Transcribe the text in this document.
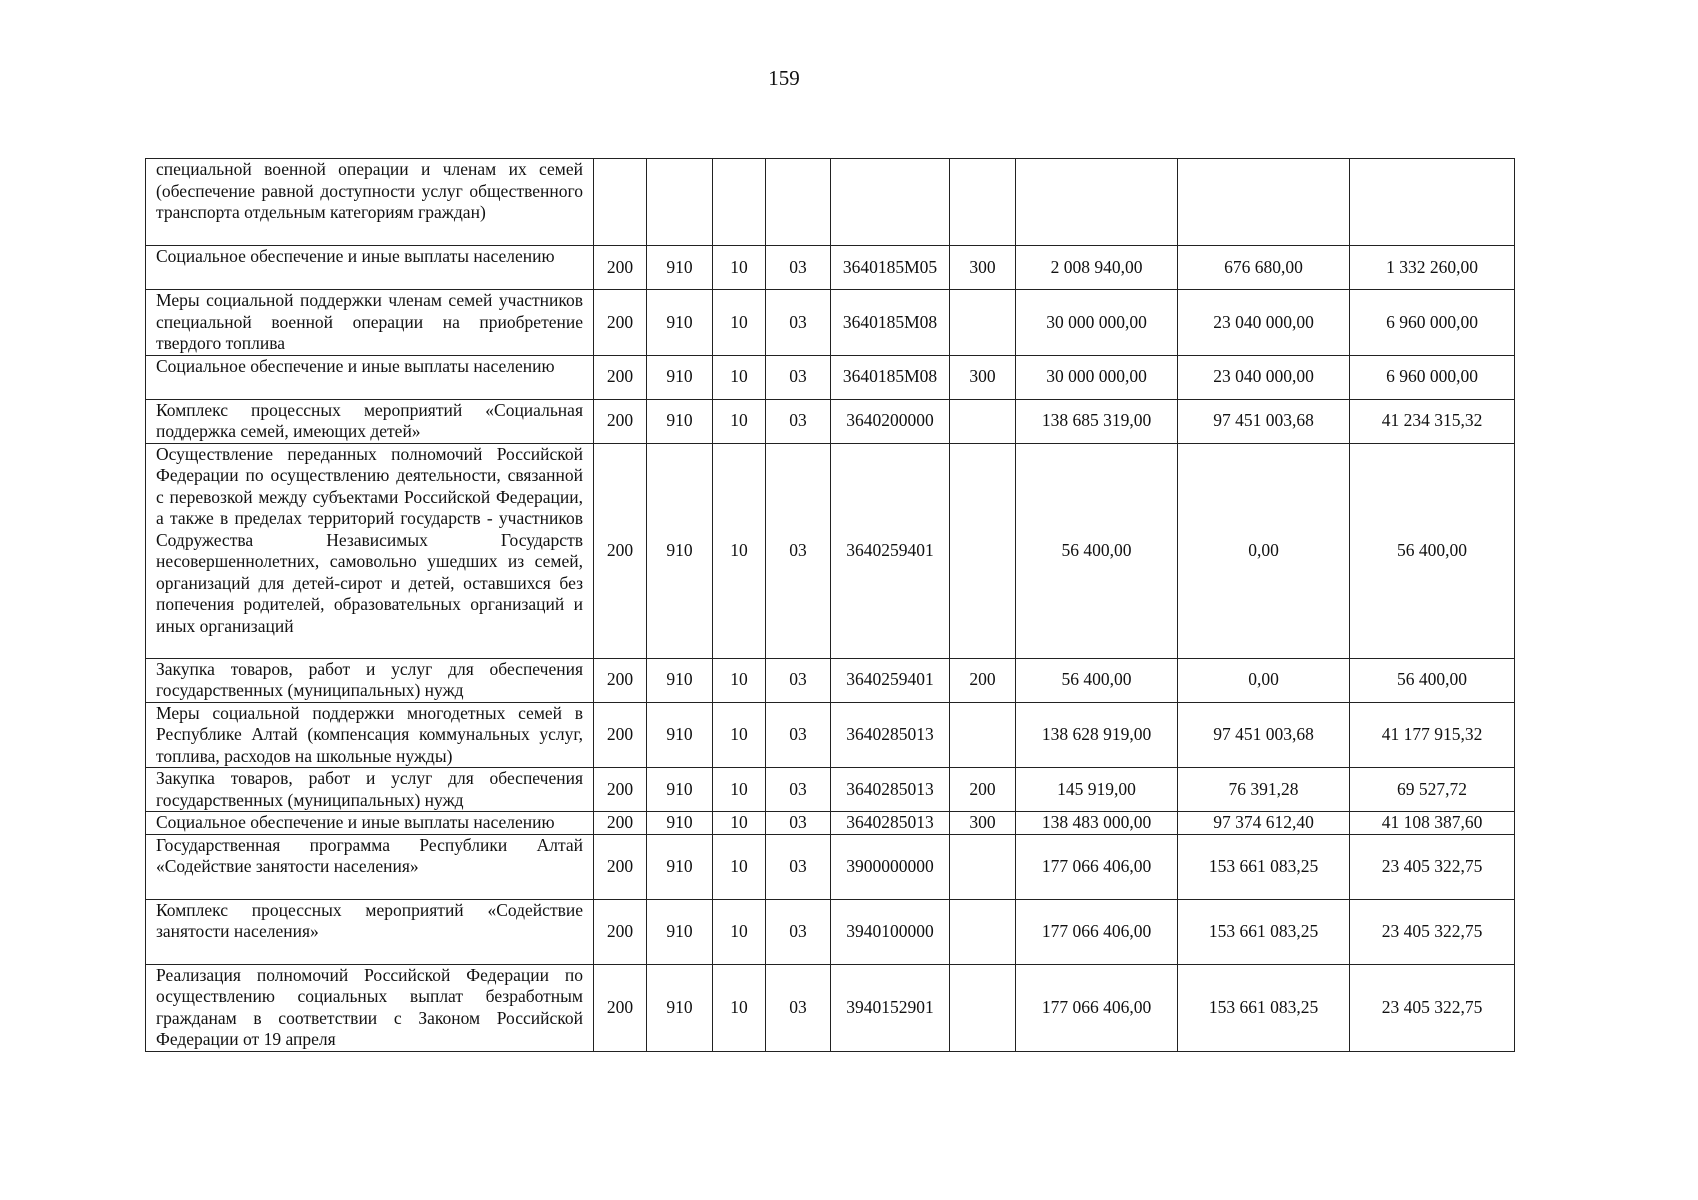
159
специальной военной операции и членам их семей (обеспечение равной доступности услуг общественного транспорта отдельным категориям граждан)									
Социальное обеспечение и иные выплаты населению	200	910	10	03	3640185М05	300	2 008 940,00	676 680,00	1 332 260,00
Меры социальной поддержки членам семей участников специальной военной операции на приобретение твердого топлива	200	910	10	03	3640185М08		30 000 000,00	23 040 000,00	6 960 000,00
Социальное обеспечение и иные выплаты населению	200	910	10	03	3640185М08	300	30 000 000,00	23 040 000,00	6 960 000,00
Комплекс процессных мероприятий «Социальная поддержка семей, имеющих детей»	200	910	10	03	3640200000		138 685 319,00	97 451 003,68	41 234 315,32
Осуществление переданных полномочий Российской Федерации по осуществлению деятельности, связанной с перевозкой между субъектами Российской Федерации, а также в пределах территорий государств - участников Содружества Независимых Государств несовершеннолетних, самовольно ушедших из семей, организаций для детей-сирот и детей, оставшихся без попечения родителей, образовательных организаций и иных организаций	200	910	10	03	3640259401		56 400,00	0,00	56 400,00
Закупка товаров, работ и услуг для обеспечения государственных (муниципальных) нужд	200	910	10	03	3640259401	200	56 400,00	0,00	56 400,00
Меры социальной поддержки многодетных семей в Республике Алтай (компенсация коммунальных услуг, топлива, расходов на школьные нужды)	200	910	10	03	3640285013		138 628 919,00	97 451 003,68	41 177 915,32
Закупка товаров, работ и услуг для обеспечения государственных (муниципальных) нужд	200	910	10	03	3640285013	200	145 919,00	76 391,28	69 527,72
Социальное обеспечение и иные выплаты населению	200	910	10	03	3640285013	300	138 483 000,00	97 374 612,40	41 108 387,60
Государственная программа Республики Алтай «Содействие занятости населения»	200	910	10	03	3900000000		177 066 406,00	153 661 083,25	23 405 322,75
Комплекс процессных мероприятий «Содействие занятости населения»	200	910	10	03	3940100000		177 066 406,00	153 661 083,25	23 405 322,75
Реализация полномочий Российской Федерации по осуществлению социальных выплат безработным гражданам в соответствии с Законом Российской Федерации от 19 апреля	200	910	10	03	3940152901		177 066 406,00	153 661 083,25	23 405 322,75
